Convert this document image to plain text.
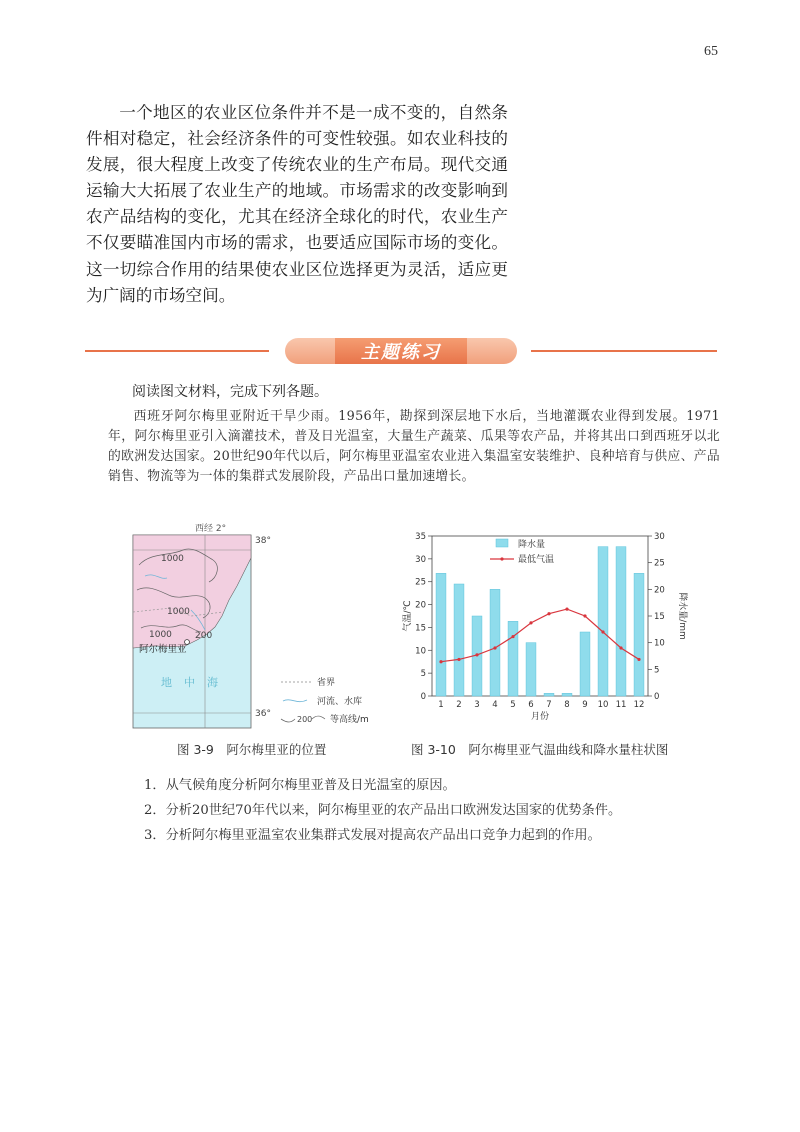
65

一个地区的农业区位条件并不是一成不变的，自然条件相对稳定，社会经济条件的可变性较强。如农业科技的发展，很大程度上改变了传统农业的生产布局。现代交通运输大大拓展了农业生产的地域。市场需求的改变影响到农产品结构的变化，尤其在经济全球化的时代，农业生产不仅要瞄准国内市场的需求，也要适应国际市场的变化。这一切综合作用的结果使农业区位选择更为灵活，适应更为广阔的市场空间。

主题练习

阅读图文材料，完成下列各题。

西班牙阿尔梅里亚附近干旱少雨。1956年，勘探到深层地下水后，当地灌溉农业得到发展。1971年，阿尔梅里亚引入滴灌技术，普及日光温室，大量生产蔬菜、瓜果等农产品，并将其出口到西班牙以北的欧洲发达国家。20世纪90年代以后，阿尔梅里亚温室农业进入集温室安装维护、良种培育与供应、产品销售、物流等为一体的集群式发展阶段，产品出口量加速增长。

西经 2°
1000
1000
1000	200
阿尔梅里亚
地中海
38°
36°
省界
河流、水库
200 等高线/m
0
5
10
15
20
25
30
35
0
5
10
15
20
25
30
1 2 3 4 5 6 7 8 9 10 11 12
月份
气温/℃	降水量/mm
降水量
最低气温
图 3-9　阿尔梅里亚的位置	图 3-10　阿尔梅里亚气温曲线和降水量柱状图
1．从气候角度分析阿尔梅里亚普及日光温室的原因。
2．分析20世纪70年代以来，阿尔梅里亚的农产品出口欧洲发达国家的优势条件。
3．分析阿尔梅里亚温室农业集群式发展对提高农产品出口竞争力起到的作用。
